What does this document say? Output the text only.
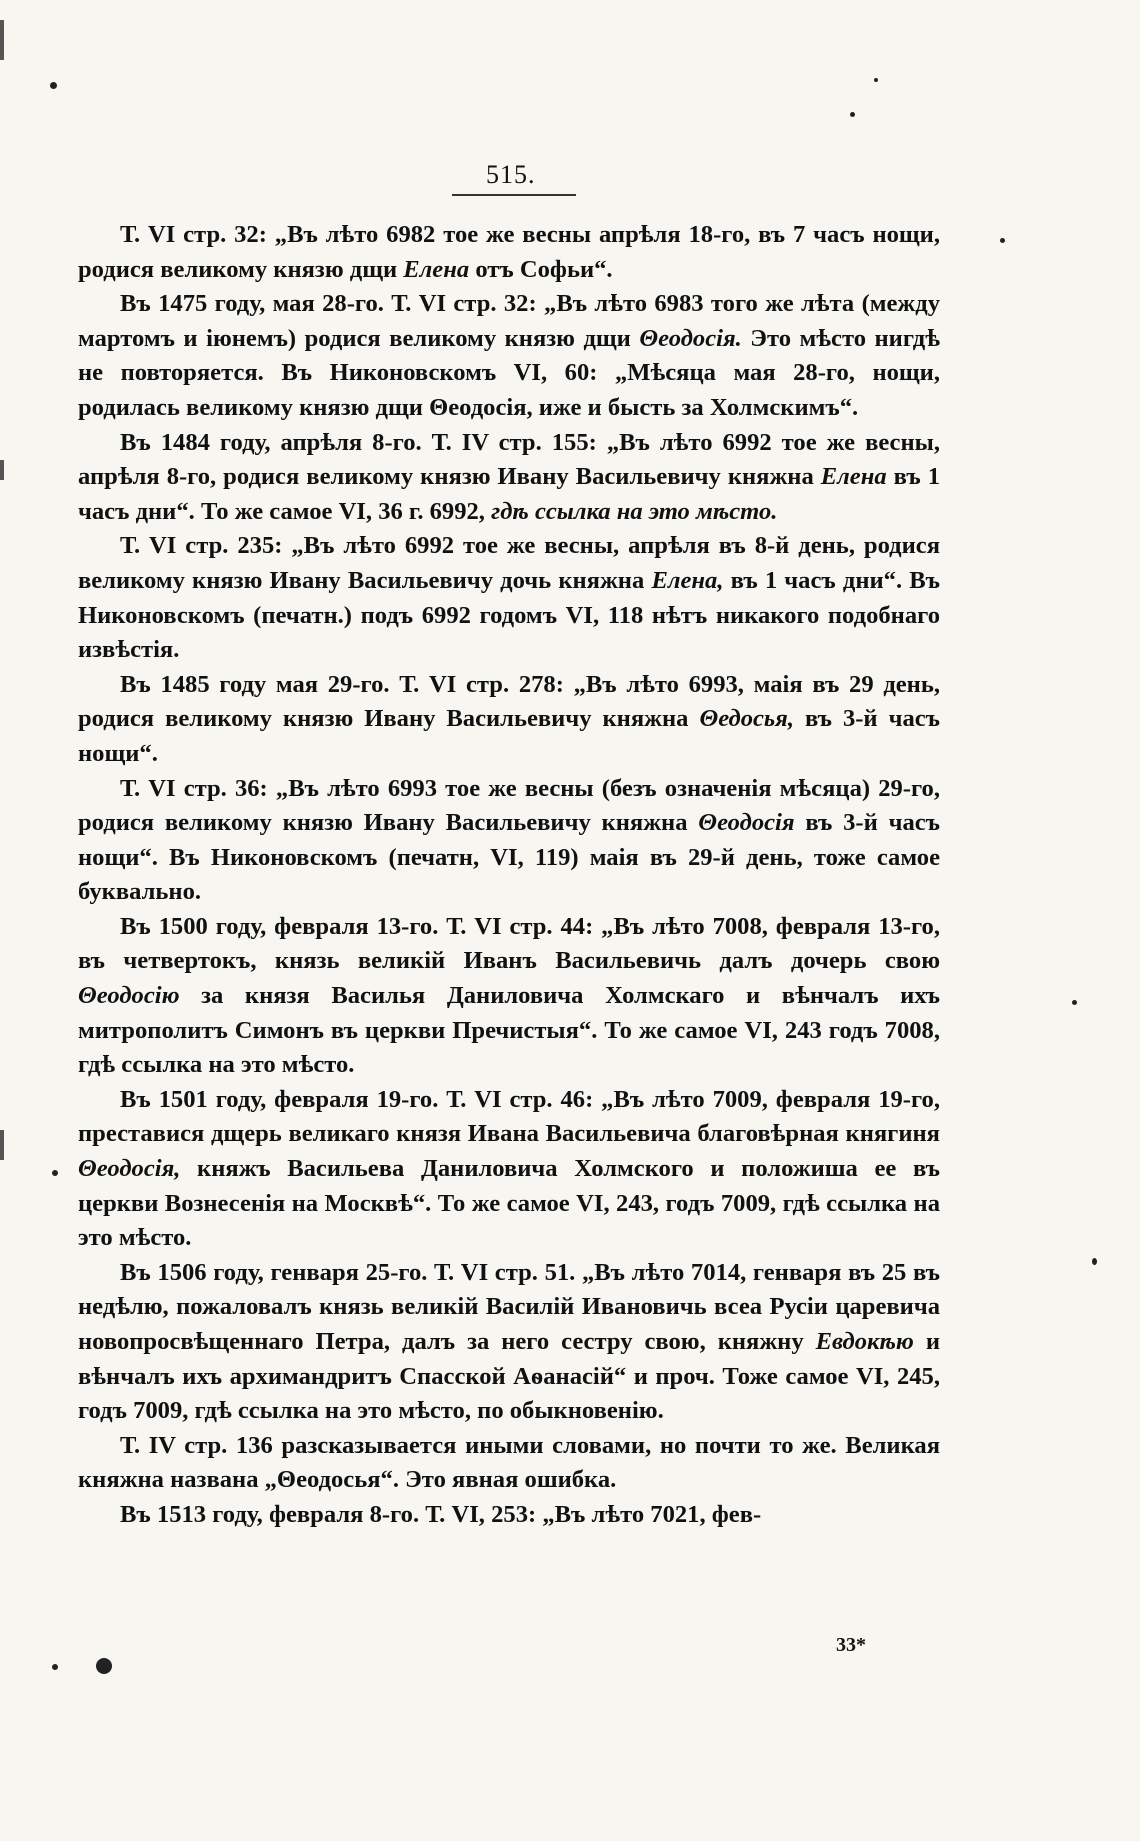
515.

Т. VI стр. 32: „Въ лѣто 6982 тое же весны апрѣля 18-го, въ 7 часъ нощи, родися великому князю дщи Елена отъ Софьи“.

Въ 1475 году, мая 28-го. Т. VI стр. 32: „Въ лѣто 6983 того же лѣта (между мартомъ и іюнемъ) родися великому князю дщи Θеодосія. Это мѣсто нигдѣ не повторяется. Въ Никоновскомъ VI, 60: „Мѣсяца мая 28-го, нощи, родилась великому князю дщи Θеодосія, иже и бысть за Холмскимъ“.

Въ 1484 году, апрѣля 8-го. Т. IV стр. 155: „Въ лѣто 6992 тое же весны, апрѣля 8-го, родися великому князю Ивану Васильевичу княжна Елена въ 1 часъ дни“. То же самое VI, 36 г. 6992, гдѣ ссылка на это мѣсто.

Т. VI стр. 235: „Въ лѣто 6992 тое же весны, апрѣля въ 8-й день, родися великому князю Ивану Васильевичу дочь княжна Елена, въ 1 часъ дни“. Въ Никоновскомъ (печатн.) подъ 6992 годомъ VI, 118 нѣтъ никакого подобнаго извѣстія.

Въ 1485 году мая 29-го. Т. VI стр. 278: „Въ лѣто 6993, маія въ 29 день, родися великому князю Ивану Васильевичу княжна Θедосья, въ 3-й часъ нощи“.

Т. VI стр. 36: „Въ лѣто 6993 тое же весны (безъ означенія мѣсяца) 29-го, родися великому князю Ивану Васильевичу княжна Θеодосія въ 3-й часъ нощи“. Въ Никоновскомъ (печатн, VI, 119) маія въ 29-й день, тоже самое буквально.

Въ 1500 году, февраля 13-го. Т. VI стр. 44: „Въ лѣто 7008, февраля 13-го, въ четвертокъ, князь великій Иванъ Васильевичь далъ дочерь свою Θеодосію за князя Василья Даниловича Холмскаго и вѣнчалъ ихъ митрополитъ Симонъ въ церкви Пречистыя“. То же самое VI, 243 годъ 7008, гдѣ ссылка на это мѣсто.

Въ 1501 году, февраля 19-го. Т. VI стр. 46: „Въ лѣто 7009, февраля 19-го, преставися дщерь великаго князя Ивана Васильевича благовѣрная княгиня Θеодосія, княжъ Васильева Даниловича Холмского и положиша ее въ церкви Вознесенія на Москвѣ“. То же самое VI, 243, годъ 7009, гдѣ ссылка на это мѣсто.

Въ 1506 году, генваря 25-го. Т. VI стр. 51. „Въ лѣто 7014, генваря въ 25 въ недѣлю, пожаловалъ князь великій Василій Ивановичь всеа Русіи царевича новопросвѣщеннаго Петра, далъ за него сестру свою, княжну Евдокѣю и вѣнчалъ ихъ архимандритъ Спасской Аѳанасій“ и проч. Тоже самое VI, 245, годъ 7009, гдѣ ссылка на это мѣсто, по обыкновенію.

Т. IV стр. 136 разсказывается иными словами, но почти то же. Великая княжна названа „Θеодосья“. Это явная ошибка.

Въ 1513 году, февраля 8-го. Т. VI, 253: „Въ лѣто 7021, фев-

33*
